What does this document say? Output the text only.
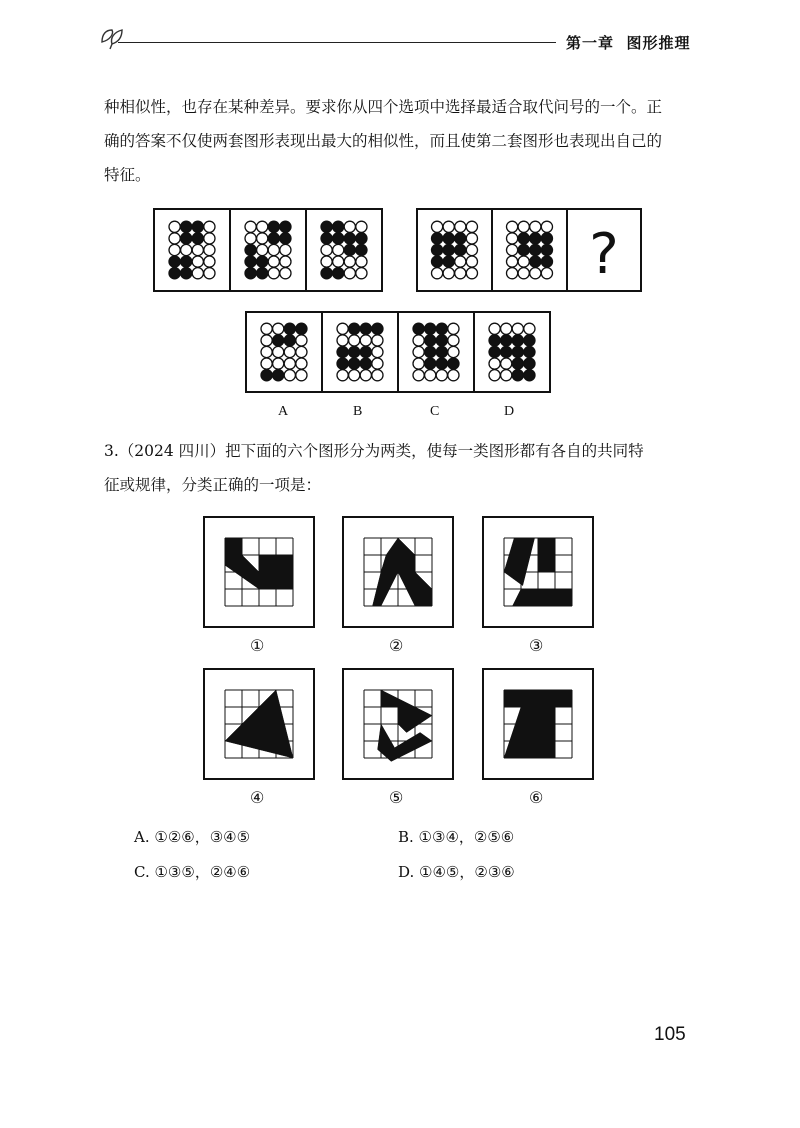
第一章 图形推理
种相似性，也存在某种差异。要求你从四个选项中选择最适合取代问号的一个。正
确的答案不仅使两套图形表现出最大的相似性，而且使第二套图形也表现出自己的
特征。
?
A	B	C	D
3.（2024 四川）把下面的六个图形分为两类，使每一类图形都有各自的共同特
征或规律，分类正确的一项是：
①	②	③
④	⑤	⑥
A. ①②⑥，③④⑤	B. ①③④，②⑤⑥
C. ①③⑤，②④⑥	D. ①④⑤，②③⑥
105
